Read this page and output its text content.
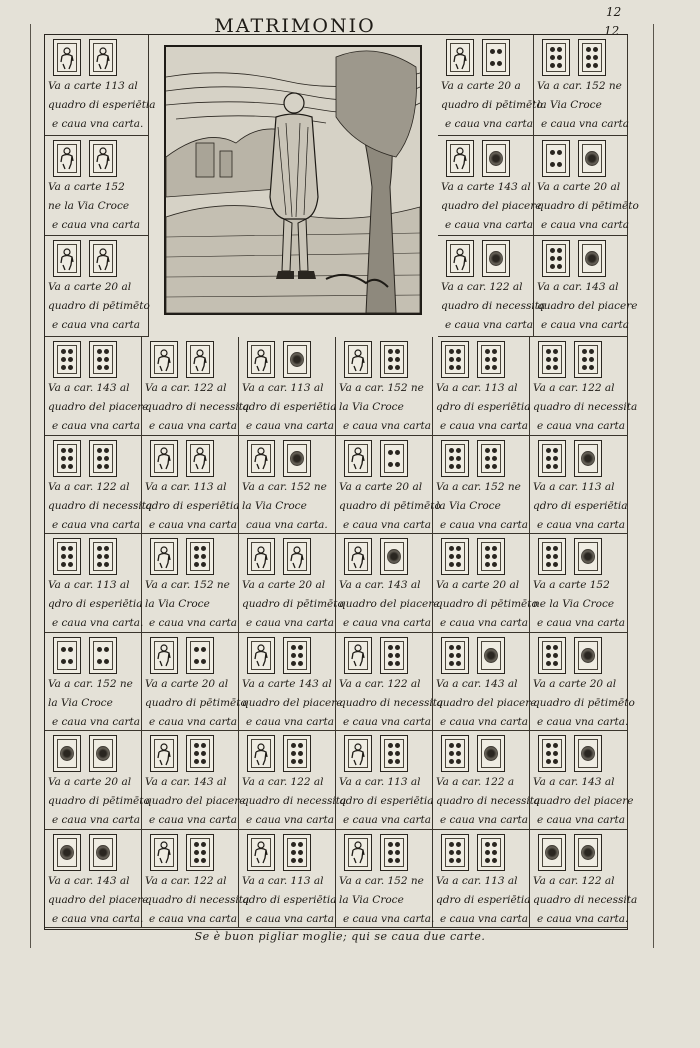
MATRIMONIO
12
12
Va a carte 113 al
quadro di esperiētia
e caua vna carta.
Va a carte 152
ne la Via Croce
e caua vna carta
Va a carte 20 al
quadro di pētimēto
e caua vna carta
Va a carte 20 a
quadro di pētimēto
e caua vna carta
Va a car. 152 ne
la Via Croce
e caua vna carta
Va a carte 143 al
quadro del piacere
e caua vna carta
Va a carte 20 al
quadro di pētimēto
e caua vna carta
Va a car. 122 al
quadro di necessita
e caua vna carta
Va a car. 143 al
quadro del piacere
e caua vna carta
Va a car. 143 al
quadro del piacere
e caua vna carta
Va a car. 122 al
quadro di necessita
e caua vna carta
Va a car. 113 al
qdro di esperiētia
e caua vna carta
Va a car. 152 ne
la Via Croce
e caua vna carta
Va a car. 113 al
qdro di esperiētia
e caua vna carta
Va a car. 122 al
quadro di necessita
e caua vna carta
Va a car. 122 al
quadro di necessita
e caua vna carta
Va a car. 113 al
qdro di esperiētia
e caua vna carta
Va a car. 152 ne
la Via Croce
caua vna carta.
Va a carte 20 al
quadro di pētimēto
e caua vna carta
Va a car. 152 ne
la Via Croce
e caua vna carta
Va a car. 113 al
qdro di esperiētia
e caua vna carta
Va a car. 113 al
qdro di esperiētia
e caua vna carta.
Va a car. 152 ne
la Via Croce
e caua vna carta
Va a carte 20 al
quadro di pētimēto
e caua vna carta
Va a car. 143 al
quadro del piacere
e caua vna carta
Va a carte 20 al
quadro di pētimēto
e caua vna carta
Va a carte 152
ne la Via Croce
e caua vna carta
Va a car. 152 ne
la Via Croce
e caua vna carta
Va a carte 20 al
quadro di pētimēto
e caua vna carta
Va a carte 143 al
quadro del piacere
e caua vna carta
Va a car. 122 al
quadro di necessita
e caua vna carta
Va a car. 143 al
quadro del piacere
e caua vna carta
Va a carte 20 al
quadro di pētimēto
e caua vna carta.
Va a carte 20 al
quadro di pētimēto
e caua vna carta
Va a car. 143 al
quadro del piacere
e caua vna carta
Va a car. 122 al
quadro di necessita
e caua vna carta
Va a car. 113 al
qdro di esperiētia
e caua vna carta
Va a car. 122 a
quadro di necessita
e caua vna carta
Va a car. 143 al
quadro del piacere
e caua vna carta
Va a car. 143 al
quadro del piacere
e caua vna carta.
Va a car. 122 al
quadro di necessita
e caua vna carta
Va a car. 113 al
qdro di esperiētia
e caua vna carta
Va a car. 152 ne
la Via Croce
e caua vna carta.
Va a car. 113 al
qdro di esperiētia
e caua vna carta
Va a car. 122 al
quadro di necessita
e caua vna carta.
Se è buon pigliar moglie; qui se caua due carte.
